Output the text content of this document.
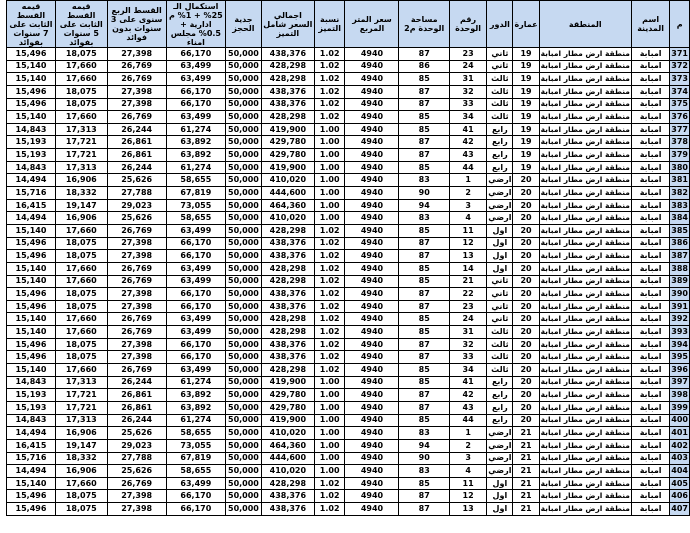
م	اسم المدينة	المنطقة	عمارة	الدور	رقم الوحدة	مساحة الوحدة م2	سعر المتر المربع	نسبة التميز	اجمالي السعر شامل التميز	جدية الحجز	استكمال الـ 25% + 1% م ادارية + 0.5% مجلس امناء	القسط الربع سنوى على 3 سنوات بدون فوائد	قيمه القسط الثابت على 5 سنوات بفوائد	قيمه القسط الثابت على 7 سنوات بفوائد
371	امبابة	منطقة ارض مطار امبابة	19	ثاني	23	87	4940	1.02	438,376	50,000	66,170	27,398	18,075	15,496
372	امبابة	منطقة ارض مطار امبابة	19	ثاني	24	86	4940	1.02	428,298	50,000	63,499	26,769	17,660	15,140
373	امبابة	منطقة ارض مطار امبابة	19	ثالث	31	85	4940	1.02	428,298	50,000	63,499	26,769	17,660	15,140
374	امبابة	منطقة ارض مطار امبابة	19	ثالث	32	87	4940	1.02	438,376	50,000	66,170	27,398	18,075	15,496
375	امبابة	منطقة ارض مطار امبابة	19	ثالث	33	87	4940	1.02	438,376	50,000	66,170	27,398	18,075	15,496
376	امبابة	منطقة ارض مطار امبابة	19	ثالث	34	85	4940	1.02	428,298	50,000	63,499	26,769	17,660	15,140
377	امبابة	منطقة ارض مطار امبابة	19	رابع	41	85	4940	1.00	419,900	50,000	61,274	26,244	17,313	14,843
378	امبابة	منطقة ارض مطار امبابة	19	رابع	42	87	4940	1.00	429,780	50,000	63,892	26,861	17,721	15,193
379	امبابة	منطقة ارض مطار امبابة	19	رابع	43	87	4940	1.00	429,780	50,000	63,892	26,861	17,721	15,193
380	امبابة	منطقة ارض مطار امبابة	19	رابع	44	85	4940	1.00	419,900	50,000	61,274	26,244	17,313	14,843
381	امبابة	منطقة ارض مطار امبابة	20	ارضي	1	83	4940	1.00	410,020	50,000	58,655	25,626	16,906	14,494
382	امبابة	منطقة ارض مطار امبابة	20	ارضي	2	90	4940	1.00	444,600	50,000	67,819	27,788	18,332	15,716
383	امبابة	منطقة ارض مطار امبابة	20	ارضي	3	94	4940	1.00	464,360	50,000	73,055	29,023	19,147	16,415
384	امبابة	منطقة ارض مطار امبابة	20	ارضي	4	83	4940	1.00	410,020	50,000	58,655	25,626	16,906	14,494
385	امبابة	منطقة ارض مطار امبابة	20	اول	11	85	4940	1.02	428,298	50,000	63,499	26,769	17,660	15,140
386	امبابة	منطقة ارض مطار امبابة	20	اول	12	87	4940	1.02	438,376	50,000	66,170	27,398	18,075	15,496
387	امبابة	منطقة ارض مطار امبابة	20	اول	13	87	4940	1.02	438,376	50,000	66,170	27,398	18,075	15,496
388	امبابة	منطقة ارض مطار امبابة	20	اول	14	85	4940	1.02	428,298	50,000	63,499	26,769	17,660	15,140
389	امبابة	منطقة ارض مطار امبابة	20	ثاني	21	85	4940	1.02	428,298	50,000	63,499	26,769	17,660	15,140
390	امبابة	منطقة ارض مطار امبابة	20	ثاني	22	87	4940	1.02	438,376	50,000	66,170	27,398	18,075	15,496
391	امبابة	منطقة ارض مطار امبابة	20	ثاني	23	87	4940	1.02	438,376	50,000	66,170	27,398	18,075	15,496
392	امبابة	منطقة ارض مطار امبابة	20	ثاني	24	85	4940	1.02	428,298	50,000	63,499	26,769	17,660	15,140
393	امبابة	منطقة ارض مطار امبابة	20	ثالث	31	85	4940	1.02	428,298	50,000	63,499	26,769	17,660	15,140
394	امبابة	منطقة ارض مطار امبابة	20	ثالث	32	87	4940	1.02	438,376	50,000	66,170	27,398	18,075	15,496
395	امبابة	منطقة ارض مطار امبابة	20	ثالث	33	87	4940	1.02	438,376	50,000	66,170	27,398	18,075	15,496
396	امبابة	منطقة ارض مطار امبابة	20	ثالث	34	85	4940	1.02	428,298	50,000	63,499	26,769	17,660	15,140
397	امبابة	منطقة ارض مطار امبابة	20	رابع	41	85	4940	1.00	419,900	50,000	61,274	26,244	17,313	14,843
398	امبابة	منطقة ارض مطار امبابة	20	رابع	42	87	4940	1.00	429,780	50,000	63,892	26,861	17,721	15,193
399	امبابة	منطقة ارض مطار امبابة	20	رابع	43	87	4940	1.00	429,780	50,000	63,892	26,861	17,721	15,193
400	امبابة	منطقة ارض مطار امبابة	20	رابع	44	85	4940	1.00	419,900	50,000	61,274	26,244	17,313	14,843
401	امبابة	منطقة ارض مطار امبابة	21	ارضي	1	83	4940	1.00	410,020	50,000	58,655	25,626	16,906	14,494
402	امبابة	منطقة ارض مطار امبابة	21	ارضي	2	94	4940	1.00	464,360	50,000	73,055	29,023	19,147	16,415
403	امبابة	منطقة ارض مطار امبابة	21	ارضي	3	90	4940	1.00	444,600	50,000	67,819	27,788	18,332	15,716
404	امبابة	منطقة ارض مطار امبابة	21	ارضي	4	83	4940	1.00	410,020	50,000	58,655	25,626	16,906	14,494
405	امبابة	منطقة ارض مطار امبابة	21	اول	11	85	4940	1.02	428,298	50,000	63,499	26,769	17,660	15,140
406	امبابة	منطقة ارض مطار امبابة	21	اول	12	87	4940	1.02	438,376	50,000	66,170	27,398	18,075	15,496
407	امبابة	منطقة ارض مطار امبابة	21	اول	13	87	4940	1.02	438,376	50,000	66,170	27,398	18,075	15,496
